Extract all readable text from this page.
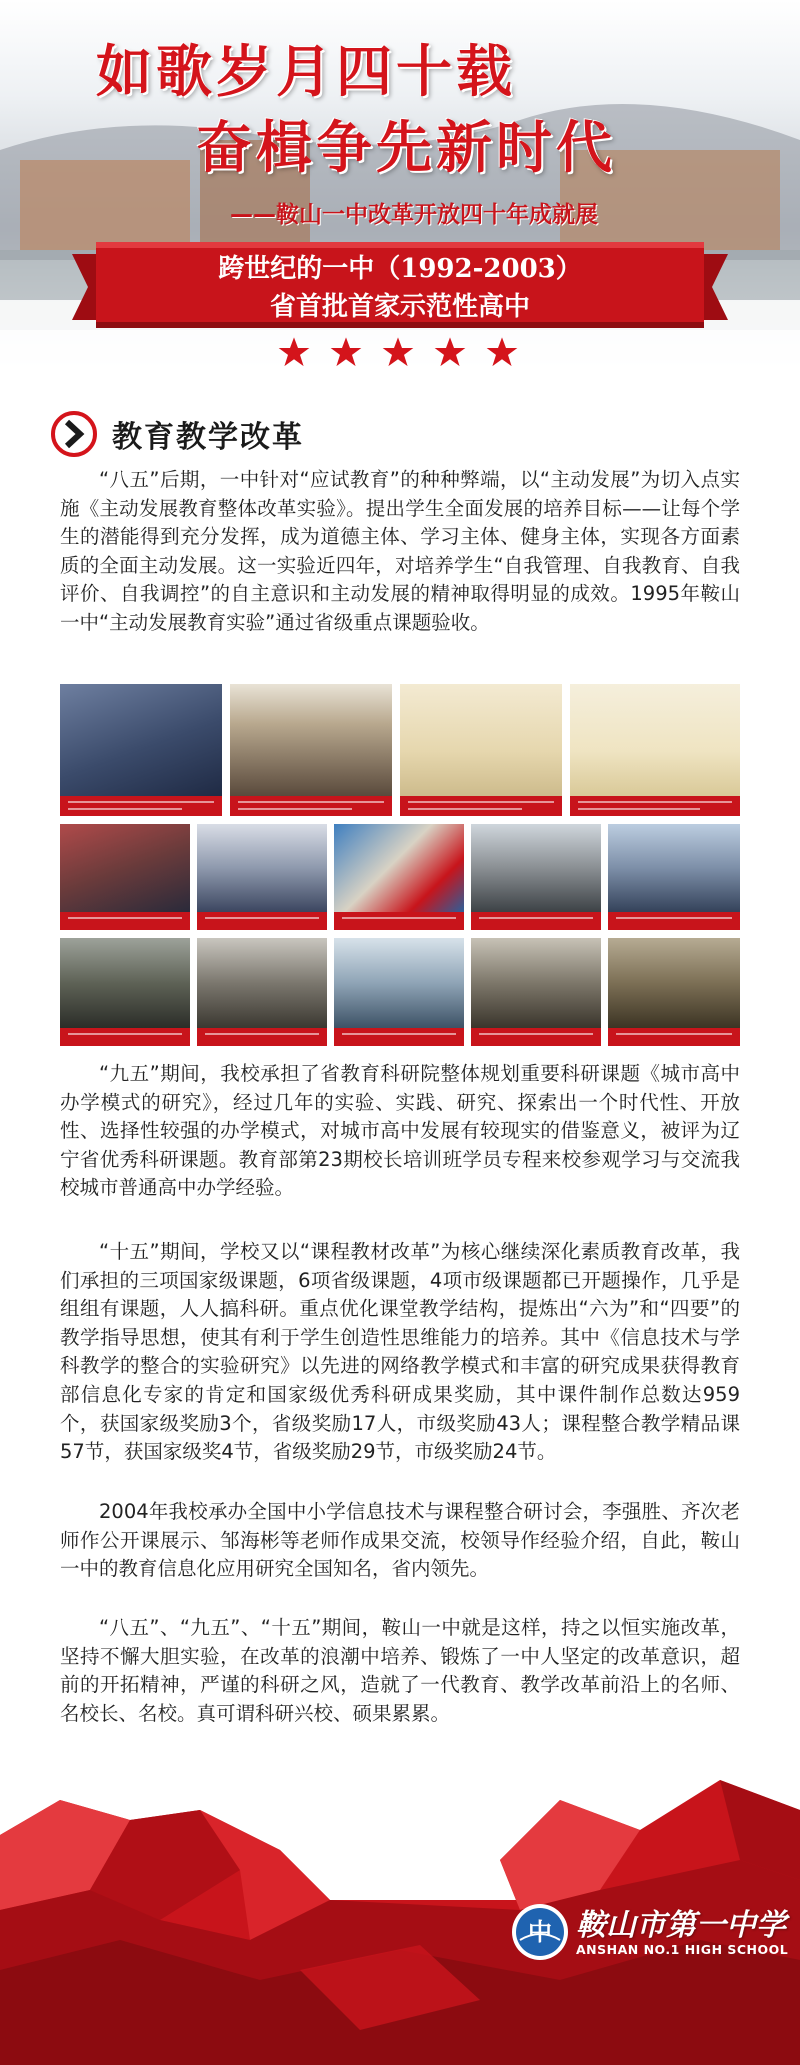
如歌岁月四十载
奋楫争先新时代
——鞍山一中改革开放四十年成就展
跨世纪的一中（1992-2003）
省首批首家示范性高中
教育教学改革

“八五”后期，一中针对“应试教育”的种种弊端，以“主动发展”为切入点实施《主动发展教育整体改革实验》。提出学生全面发展的培养目标——让每个学生的潜能得到充分发挥，成为道德主体、学习主体、健身主体，实现各方面素质的全面主动发展。这一实验近四年，对培养学生“自我管理、自我教育、自我评价、自我调控”的自主意识和主动发展的精神取得明显的成效。1995年鞍山一中“主动发展教育实验”通过省级重点课题验收。

“九五”期间，我校承担了省教育科研院整体规划重要科研课题《城市高中办学模式的研究》，经过几年的实验、实践、研究、探索出一个时代性、开放性、选择性较强的办学模式，对城市高中发展有较现实的借鉴意义，被评为辽宁省优秀科研课题。教育部第23期校长培训班学员专程来校参观学习与交流我校城市普通高中办学经验。

“十五”期间，学校又以“课程教材改革”为核心继续深化素质教育改革，我们承担的三项国家级课题，6项省级课题，4项市级课题都已开题操作，几乎是组组有课题，人人搞科研。重点优化课堂教学结构，提炼出“六为”和“四要”的教学指导思想，使其有利于学生创造性思维能力的培养。其中《信息技术与学科教学的整合的实验研究》以先进的网络教学模式和丰富的研究成果获得教育部信息化专家的肯定和国家级优秀科研成果奖励，其中课件制作总数达959个，获国家级奖励3个，省级奖励17人，市级奖励43人；课程整合教学精品课57节，获国家级奖4节，省级奖励29节，市级奖励24节。

2004年我校承办全国中小学信息技术与课程整合研讨会，李强胜、齐次老师作公开课展示、邹海彬等老师作成果交流，校领导作经验介绍，自此，鞍山一中的教育信息化应用研究全国知名，省内领先。

“八五”、“九五”、“十五”期间，鞍山一中就是这样，持之以恒实施改革，坚持不懈大胆实验，在改革的浪潮中培养、锻炼了一中人坚定的改革意识，超前的开拓精神，严谨的科研之风，造就了一代教育、教学改革前沿上的名师、名校长、名校。真可谓科研兴校、硕果累累。

中 鞍山市第一中学
ANSHAN NO.1 HIGH SCHOOL
